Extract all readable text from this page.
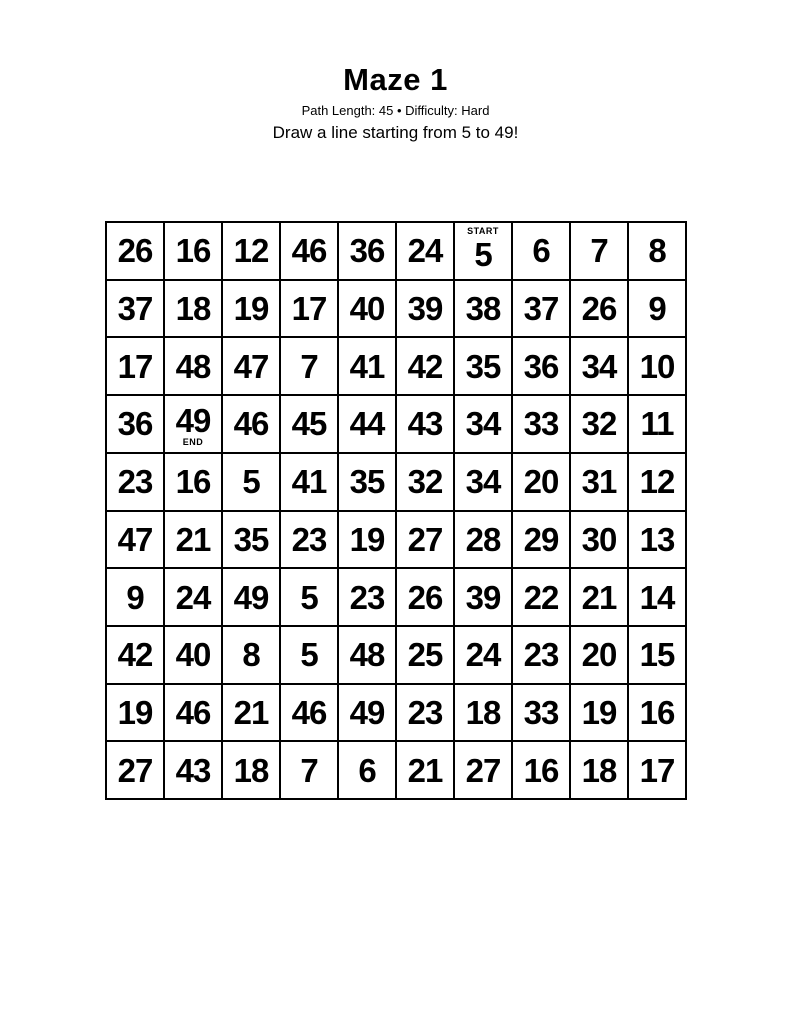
Maze 1
Path Length: 45 • Difficulty: Hard
Draw a line starting from 5 to 49!
26 16 12 46 36 24 5
START
6 7 8
37 18 19 17 40 39 38 37 26 9
17 48 47 7 41 42 35 36 34 10
36 49
END 46 45 44 43 34 33 32 11
23 16 5 41 35 32 34 20 31 12
47 21 35 23 19 27 28 29 30 13
9 24 49 5 23 26 39 22 21 14
42 40 8 5 48 25 24 23 20 15
19 46 21 46 49 23 18 33 19 16
27 43 18 7 6 21 27 16 18 17
